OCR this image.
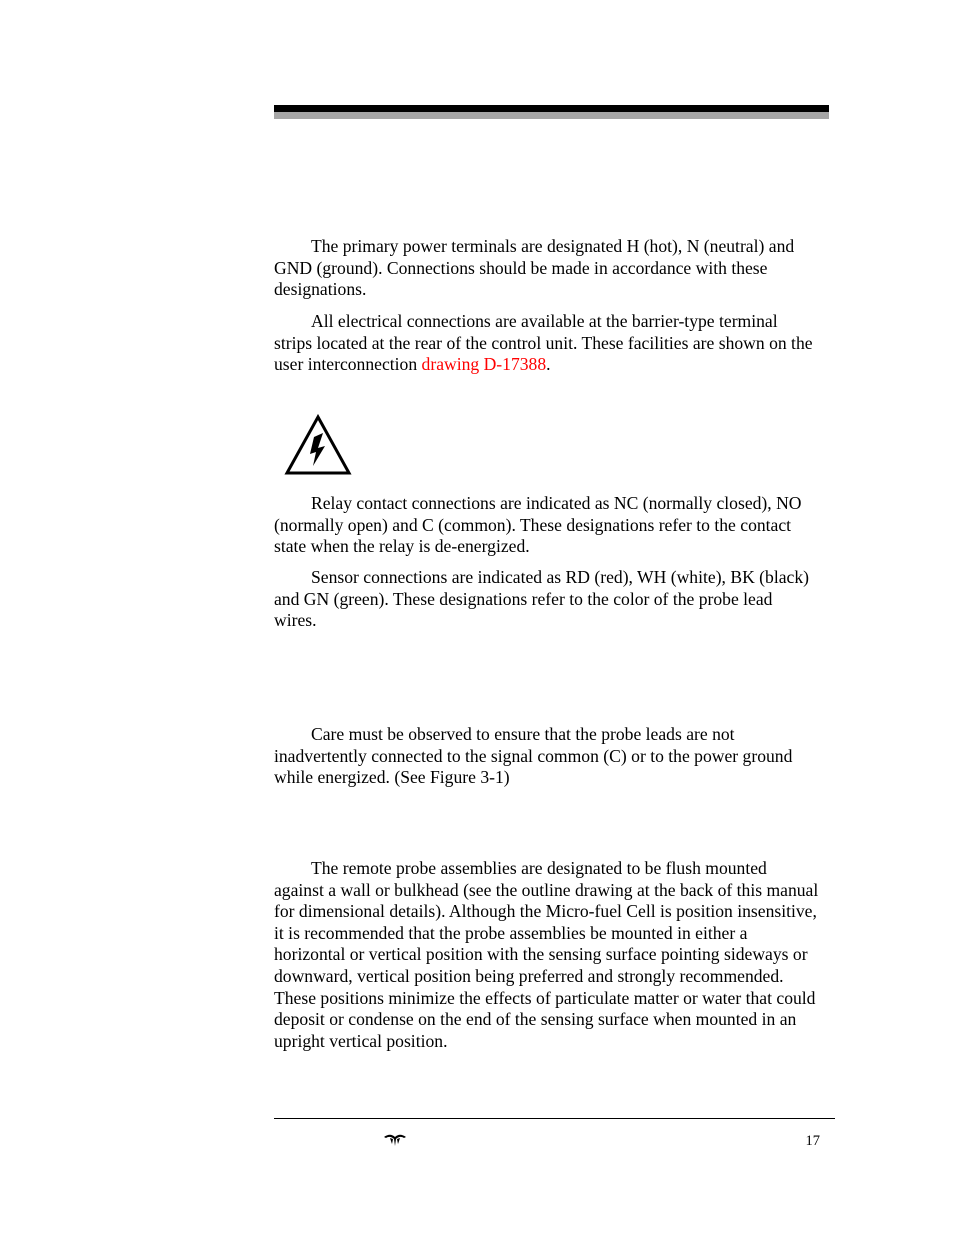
The primary power terminals are designated H (hot), N (neutral) and GND (ground). Connections should be made in accordance with these designations.

All electrical connections are available at the barrier-type terminal strips located at the rear of the control unit. These facilities are shown on the user interconnection drawing D-17388.

Relay contact connections are indicated as NC (normally closed), NO (normally open) and C (common). These designations refer to the contact state when the relay is de-energized.

Sensor connections are indicated as RD (red), WH (white), BK (black) and GN (green). These designations refer to the color of the probe lead wires.

Care must be observed to ensure that the probe leads are not inadvertently connected to the signal common (C) or to the power ground while energized. (See Figure 3-1)

The remote probe assemblies are designated to be flush mounted against a wall or bulkhead (see the outline drawing at the back of this manual for dimensional details). Although the Micro-fuel Cell is position insensitive, it is recommended that the probe assemblies be mounted in either a horizontal or vertical position with the sensing surface pointing sideways or downward, vertical position being preferred and strongly recommended. These positions minimize the effects of particulate matter or water that could deposit or condense on the end of the sensing surface when mounted in an upright vertical position.

17
